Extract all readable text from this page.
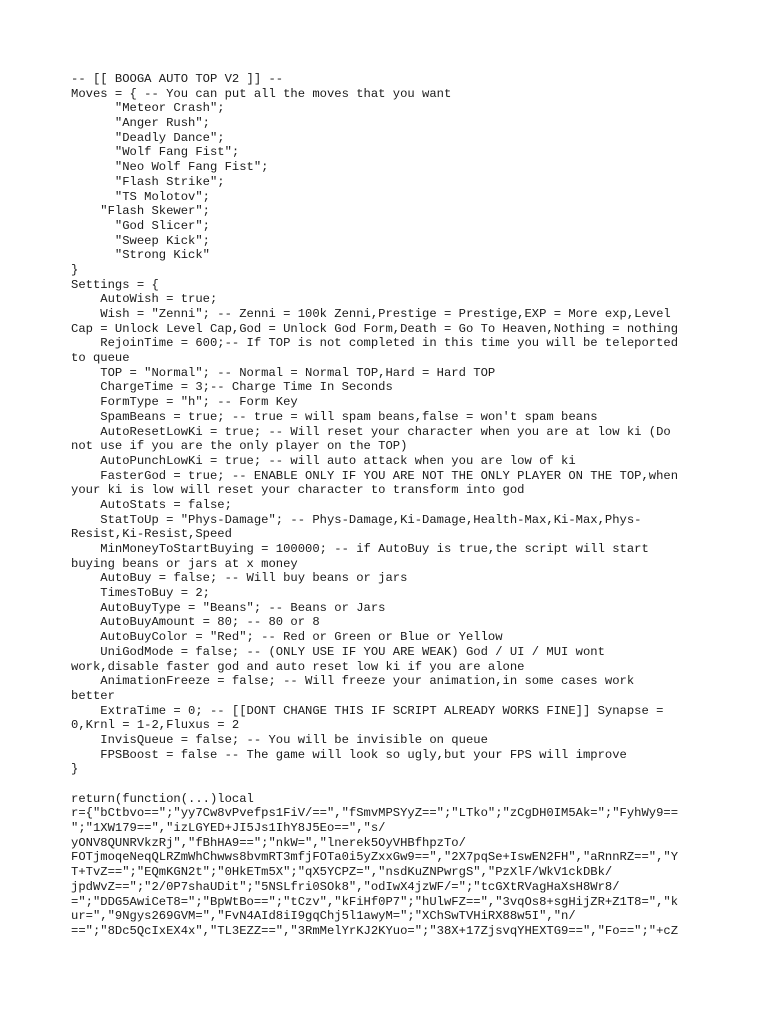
-- [[ BOOGA AUTO TOP V2 ]] --
Moves = { -- You can put all the moves that you want
"Meteor Crash";
"Anger Rush";
"Deadly Dance";
"Wolf Fang Fist";
"Neo Wolf Fang Fist";
"Flash Strike";
"TS Molotov";
"Flash Skewer";
"God Slicer";
"Sweep Kick";
"Strong Kick"
}
Settings = {
AutoWish = true;
Wish = "Zenni"; -- Zenni = 100k Zenni,Prestige = Prestige,EXP = More exp,Level
Cap = Unlock Level Cap,God = Unlock God Form,Death = Go To Heaven,Nothing = nothing
RejoinTime = 600;-- If TOP is not completed in this time you will be teleported
to queue
TOP = "Normal"; -- Normal = Normal TOP,Hard = Hard TOP
ChargeTime = 3;-- Charge Time In Seconds
FormType = "h"; -- Form Key
SpamBeans = true; -- true = will spam beans,false = won't spam beans
AutoResetLowKi = true; -- Will reset your character when you are at low ki (Do
not use if you are the only player on the TOP)
AutoPunchLowKi = true; -- will auto attack when you are low of ki
FasterGod = true; -- ENABLE ONLY IF YOU ARE NOT THE ONLY PLAYER ON THE TOP,when
your ki is low will reset your character to transform into god
AutoStats = false;
StatToUp = "Phys-Damage"; -- Phys-Damage,Ki-Damage,Health-Max,Ki-Max,Phys-
Resist,Ki-Resist,Speed
MinMoneyToStartBuying = 100000; -- if AutoBuy is true,the script will start
buying beans or jars at x money
AutoBuy = false; -- Will buy beans or jars
TimesToBuy = 2;
AutoBuyType = "Beans"; -- Beans or Jars
AutoBuyAmount = 80; -- 80 or 8
AutoBuyColor = "Red"; -- Red or Green or Blue or Yellow
UniGodMode = false; -- (ONLY USE IF YOU ARE WEAK) God / UI / MUI wont
work,disable faster god and auto reset low ki if you are alone
AnimationFreeze = false; -- Will freeze your animation,in some cases work
better
ExtraTime = 0; -- [[DONT CHANGE THIS IF SCRIPT ALREADY WORKS FINE]] Synapse =
0,Krnl = 1-2,Fluxus = 2
InvisQueue = false; -- You will be invisible on queue
FPSBoost = false -- The game will look so ugly,but your FPS will improve
}
return(function(...)local
r={"bCtbvo==";"yy7Cw8vPvefps1FiV/==","fSmvMPSYyZ==";"LTko";"zCgDH0IM5Ak=";"FyhWy9==
";"1XW179==","izLGYED+JI5Js1IhY8J5Eo==","s/
yONV8QUNRVkzRj","fBhHA9==";"nkW=","lnerek5OyVHBfhpzTo/
FOTjmoqeNeqQLRZmWhChwws8bvmRT3mfjFOTa0i5yZxxGw9==","2X7pqSe+IswEN2FH","aRnnRZ==","Y
T+TvZ==";"EQmKGN2t";"0HkETm5X";"qX5YCPZ=","nsdKuZNPwrgS","PzXlF/WkV1ckDBk/
jpdWvZ==";"2/0P7shaUDit";"5NSLfri0SOk8","odIwX4jzWF/=";"tcGXtRVagHaXsH8Wr8/
=";"DDG5AwiCeT8=";"BpWtBo==";"tCzv","kFiHf0P7";"hUlwFZ==","3vqOs8+sgHijZR+Z1T8=","k
ur=","9Ngys269GVM=","FvN4AId8iI9gqChj5l1awyM=";"XChSwTVHiRX88w5I","n/
==";"8Dc5QcIxEX4x","TL3EZZ==","3RmMelYrKJ2KYuo=";"38X+17ZjsvqYHEXTG9==","Fo==";"+cZ
